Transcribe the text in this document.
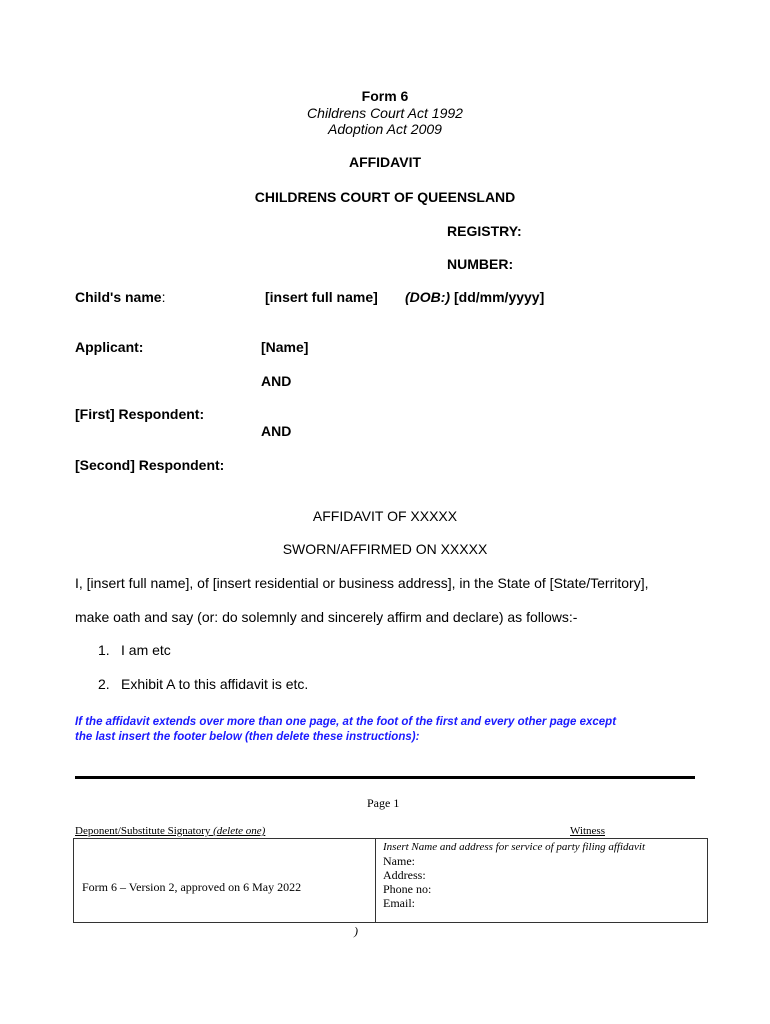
Form 6
Childrens Court Act 1992
Adoption Act 2009
AFFIDAVIT
CHILDRENS COURT OF QUEENSLAND
REGISTRY:
NUMBER:
Child's name:	[insert full name] (DOB:) [dd/mm/yyyy]
Applicant:	[Name]
AND
[First] Respondent:
AND
[Second] Respondent:
AFFIDAVIT OF XXXXX
SWORN/AFFIRMED ON XXXXX
I, [insert full name], of [insert residential or business address], in the State of [State/Territory],
make oath and say (or: do solemnly and sincerely affirm and declare) as follows:-
1. I am etc
2. Exhibit A to this affidavit is etc.
If the affidavit extends over more than one page, at the foot of the first and every other page except
the last insert the footer below (then delete these instructions):
Page 1
Deponent/Substitute Signatory (delete one)	Witness
Form 6 – Version 2, approved on 6 May 2022
Insert Name and address for service of party filing affidavit
Name:
Address:
Phone no:
Email:
)
